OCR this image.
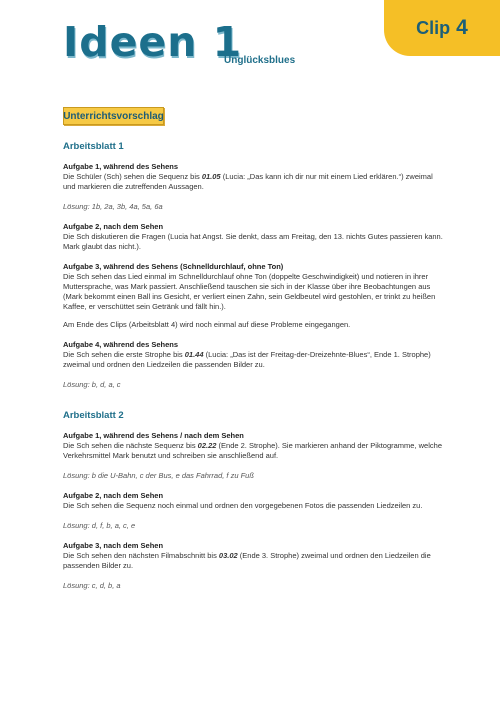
Ideen 1
Unglücksblues
Clip 4
Unterrichtsvorschlag
Arbeitsblatt 1
Aufgabe 1, während des Sehens
Die Schüler (Sch) sehen die Sequenz bis 01.05 (Lucia: „Das kann ich dir nur mit einem Lied erklären.“) zweimal und markieren die zutreffenden Aussagen.
Lösung: 1b, 2a, 3b, 4a, 5a, 6a
Aufgabe 2, nach dem Sehen
Die Sch diskutieren die Fragen (Lucia hat Angst. Sie denkt, dass am Freitag, den 13. nichts Gutes passieren kann. Mark glaubt das nicht.).
Aufgabe 3, während des Sehens (Schnelldurchlauf, ohne Ton)
Die Sch sehen das Lied einmal im Schnelldurchlauf ohne Ton (doppelte Geschwindigkeit) und notieren in ihrer Muttersprache, was Mark passiert. Anschließend tauschen sie sich in der Klasse über ihre Beobachtungen aus (Mark bekommt einen Ball ins Gesicht, er verliert einen Zahn, sein Geldbeutel wird gestohlen, er trinkt zu heißen Kaffee, er verschüttet sein Getränk und fällt hin.).
Am Ende des Clips (Arbeitsblatt 4) wird noch einmal auf diese Probleme eingegangen.
Aufgabe 4, während des Sehens
Die Sch sehen die erste Strophe bis 01.44 (Lucia: „Das ist der Freitag-der-Dreizehnte-Blues“, Ende 1. Strophe) zweimal und ordnen den Liedzeilen die passenden Bilder zu.
Lösung: b, d, a, c
Arbeitsblatt 2
Aufgabe 1, während des Sehens / nach dem Sehen
Die Sch sehen die nächste Sequenz bis 02.22 (Ende 2. Strophe). Sie markieren anhand der Piktogramme, welche Verkehrsmittel Mark benutzt und schreiben sie anschließend auf.
Lösung: b die U-Bahn, c der Bus, e das Fahrrad, f zu Fuß
Aufgabe 2, nach dem Sehen
Die Sch sehen die Sequenz noch einmal und ordnen den vorgegebenen Fotos die passenden Liedzeilen zu.
Lösung: d, f, b, a, c, e
Aufgabe 3, nach dem Sehen
Die Sch sehen den nächsten Filmabschnitt bis 03.02 (Ende 3. Strophe) zweimal und ordnen den Liedzeilen die passenden Bilder zu.
Lösung: c, d, b, a
